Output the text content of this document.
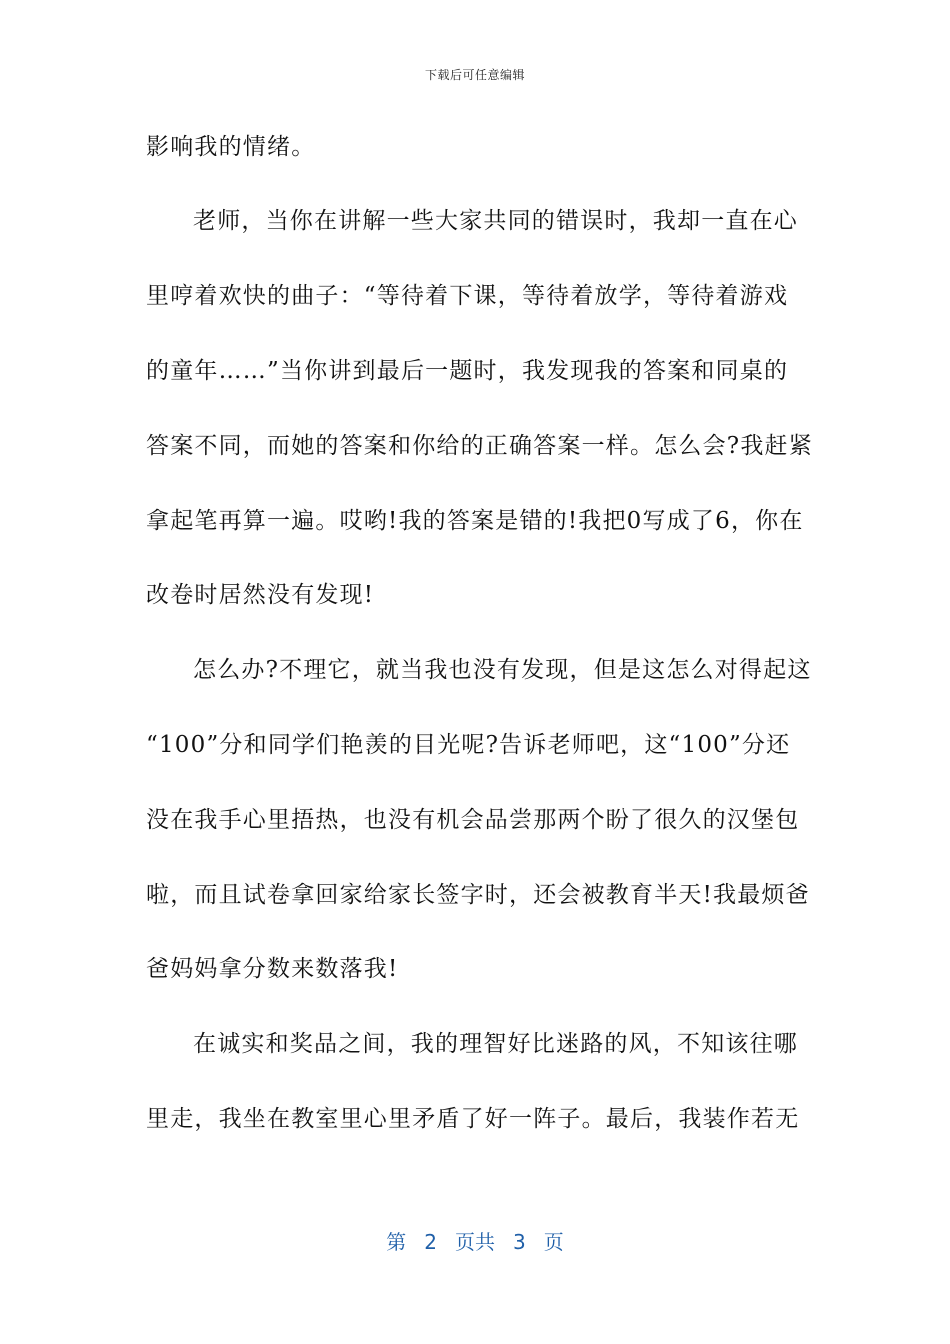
下载后可任意编辑
影响我的情绪。
老师，当你在讲解一些大家共同的错误时，我却一直在心
里哼着欢快的曲子：“等待着下课，等待着放学，等待着游戏
的童年……”当你讲到最后一题时，我发现我的答案和同桌的
答案不同，而她的答案和你给的正确答案一样。怎么会?我赶紧
拿起笔再算一遍。哎哟!我的答案是错的!我把0写成了6，你在
改卷时居然没有发现!
怎么办?不理它，就当我也没有发现，但是这怎么对得起这
“100”分和同学们艳羡的目光呢?告诉老师吧，这“100”分还
没在我手心里捂热，也没有机会品尝那两个盼了很久的汉堡包
啦，而且试卷拿回家给家长签字时，还会被教育半天!我最烦爸
爸妈妈拿分数来数落我!
在诚实和奖品之间，我的理智好比迷路的风，不知该往哪
里走，我坐在教室里心里矛盾了好一阵子。最后，我装作若无
第 2 页共 3 页
